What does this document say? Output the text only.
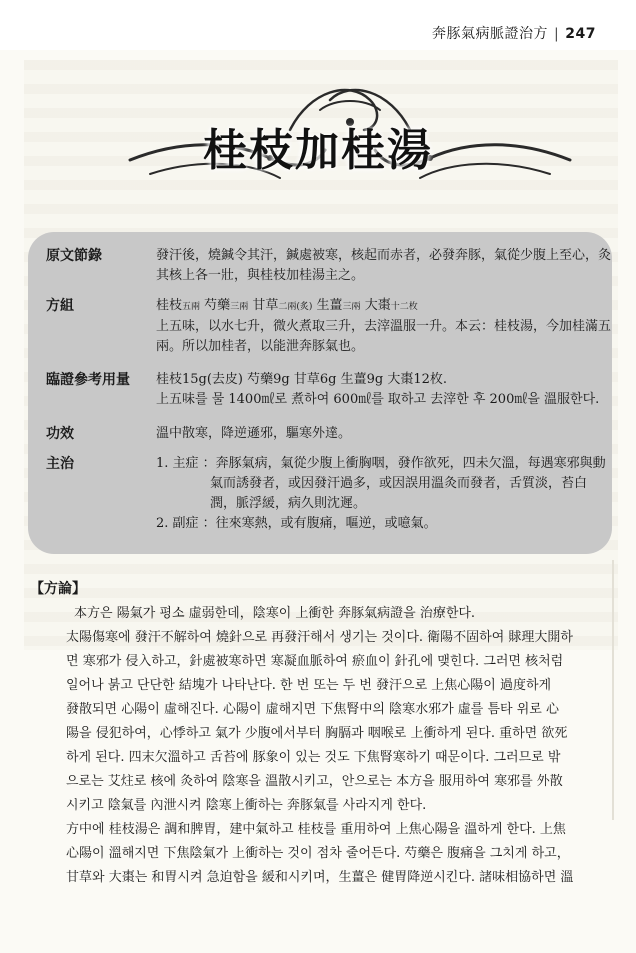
奔豚氣病脈證治方 | 247
桂枝加桂湯
原文節錄	發汗後，燒鍼令其汗，鍼處被寒，核起而赤者，必發奔豚，氣從少腹上至心，灸
其核上各一壯，與桂枝加桂湯主之。
方組	桂枝五兩 芍藥三兩 甘草二兩(炙) 生薑三兩 大棗十二枚
上五味，以水七升，微火煮取三升，去滓溫服一升。本云：桂枝湯，今加桂滿五
兩。所以加桂者，以能泄奔豚氣也。
臨證參考用量 桂枝15g(去皮) 芍藥9g 甘草6g 生薑9g 大棗12枚.
上五味를 물 1400㎖로 煮하여 600㎖를 取하고 去滓한 후 200㎖을 溫服한다.
功效	溫中散寒，降逆遜邪，驅寒外達。
主治	1. 主症 ：奔豚氣病，氣從少腹上衝胸咽，發作欲死，四未欠溫，每遇寒邪與動
氣而誘發者，或因發汗過多，或因誤用溫灸而發者，舌質淡，苔白
潤，脈浮緩，病久則沈遲。
2. 副症 ：往來寒熱，或有腹痛，嘔逆，或噫氣。
【方論】
本方은 陽氣가 평소 虛弱한데，陰寒이 上衝한 奔豚氣病證을 治療한다.
太陽傷寒에 發汗不解하여 燒針으로 再發汗해서 생기는 것이다. 衛陽不固하여 賕理大開하
면 寒邪가 侵入하고，針處被寒하면 寒凝血脈하여 瘀血이 針孔에 맺힌다. 그러면 核처럼
일어나 붉고 단단한 結塊가 나타난다. 한 번 또는 두 번 發汗으로 上焦心陽이 過度하게
發散되면 心陽이 虛해진다. 心陽이 虛해지면 下焦腎中의 陰寒水邪가 虛를 틈타 위로 心
陽을 侵犯하여，心悸하고 氣가 少腹에서부터 胸膈과 咽喉로 上衝하게 된다. 重하면 欲死
하게 된다. 四末欠溫하고 舌苔에 豚象이 있는 것도 下焦腎寒하기 때문이다. 그러므로 밖
으로는 艾炷로 核에 灸하여 陰寒을 溫散시키고，안으로는 本方을 服用하여 寒邪를 外散
시키고 陰氣를 內泄시켜 陰寒上衝하는 奔豚氣를 사라지게 한다.
方中에 桂枝湯은 調和脾胃，建中氣하고 桂枝를 重用하여 上焦心陽을 溫하게 한다. 上焦
心陽이 溫해지면 下焦陰氣가 上衝하는 것이 점차 줄어든다. 芍藥은 腹痛을 그치게 하고，
甘草와 大棗는 和胃시켜 急迫함을 緩和시키며，生薑은 健胃降逆시킨다. 諸味相協하면 溫
